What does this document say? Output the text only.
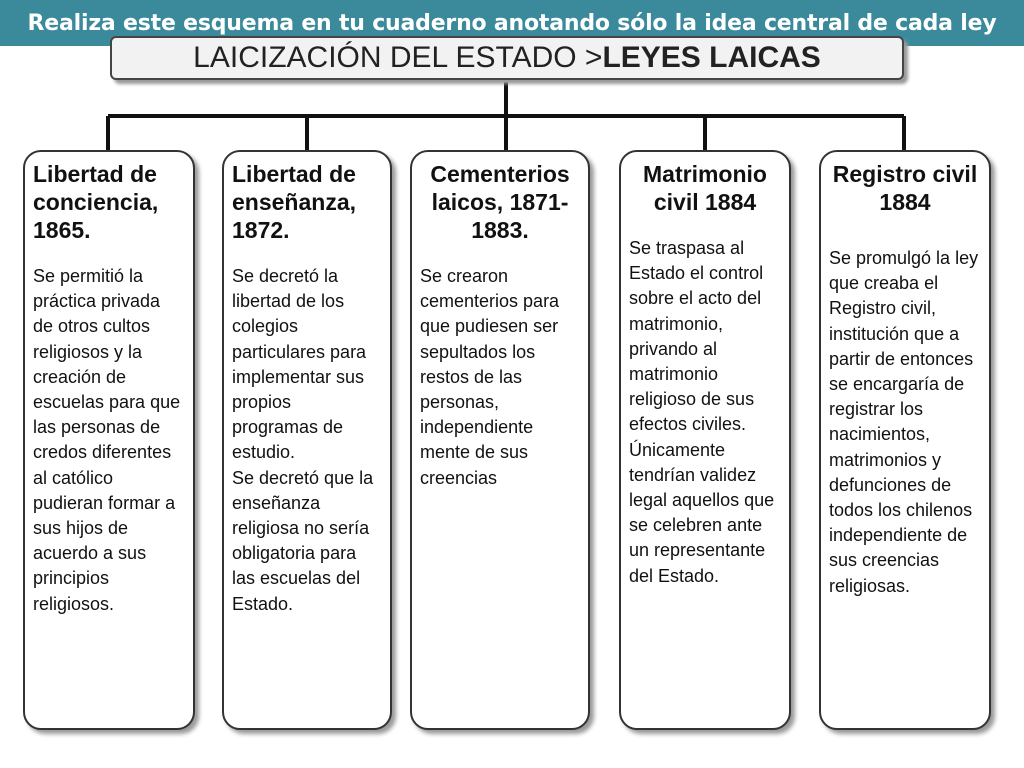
Realiza este esquema en tu cuaderno anotando sólo la idea central de cada ley
LAICIZACIÓN DEL ESTADO > LEYES LAICAS
Libertad de conciencia, 1865.

Se permitió la práctica privada de otros cultos religiosos y la creación de escuelas para que las personas de credos diferentes al católico pudieran formar a sus hijos de acuerdo a sus principios religiosos.

Libertad de enseñanza, 1872.

Se decretó la libertad de los colegios particulares para implementar sus propios programas de estudio.
Se decretó que la enseñanza religiosa no sería obligatoria para las escuelas del Estado.

Cementerios laicos, 1871-1883.

Se crearon cementerios para que pudiesen ser sepultados los restos de las personas, independiente mente de sus creencias

Matrimonio civil 1884

Se traspasa al Estado el control sobre el acto del matrimonio, privando al matrimonio religioso de sus efectos civiles.
Únicamente tendrían validez legal aquellos que se celebren ante un representante del Estado.

Registro civil 1884

Se promulgó la ley que creaba el Registro civil, institución que a partir de entonces se encargaría de registrar los nacimientos, matrimonios y defunciones de todos los chilenos independiente de sus creencias religiosas.
